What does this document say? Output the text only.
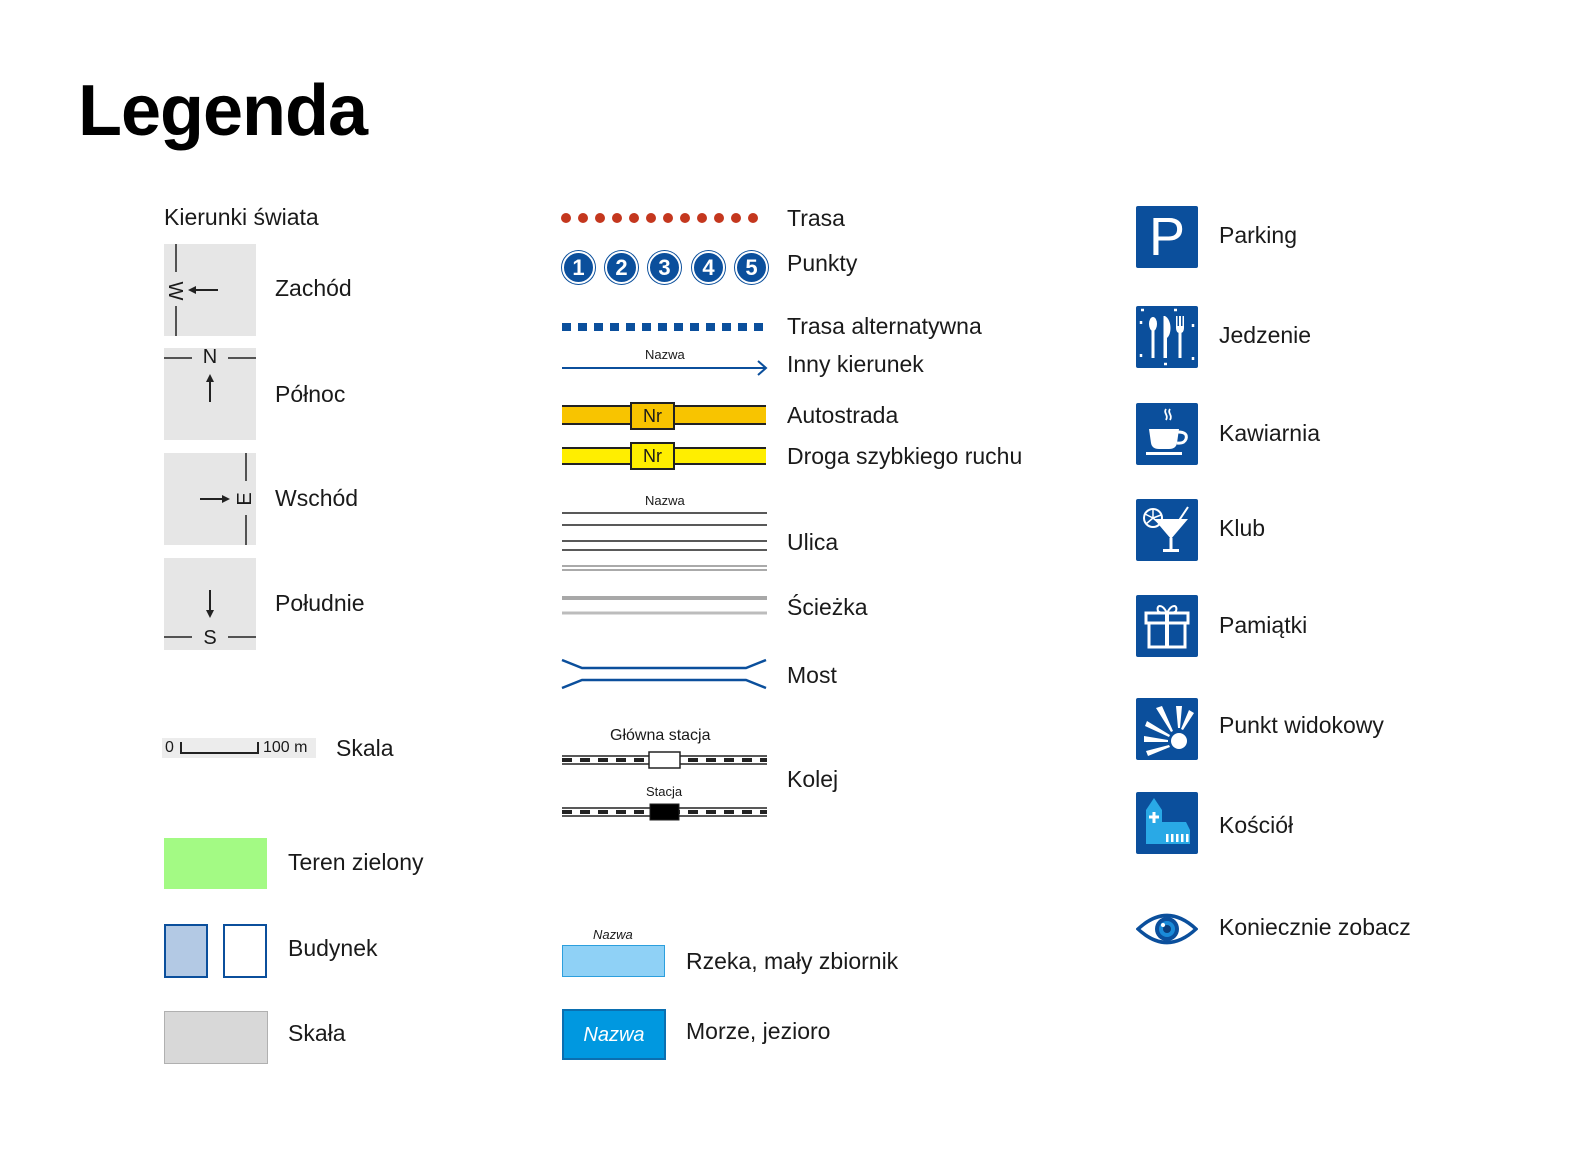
Legenda
Kierunki świata
W	Zachód
N
Północ
E Wschód
S
Południe
0	100 m Skala
Teren zielony
Budynek
Skała
Trasa
1	2	3	4	5	Punkty
Trasa alternatywna
Nazwa	Inny kierunek
Nr	Autostrada
Nr	Droga szybkiego ruchu
Nazwa
Ulica
Ścieżka
Most
Główna stacja
Stacja	Kolej
Nazwa
Rzeka, mały zbiornik
Nazwa	Morze, jezioro
P	Parking
Jedzenie
Kawiarnia
Klub
Pamiątki
Punkt widokowy
Kościół
Koniecznie zobacz
